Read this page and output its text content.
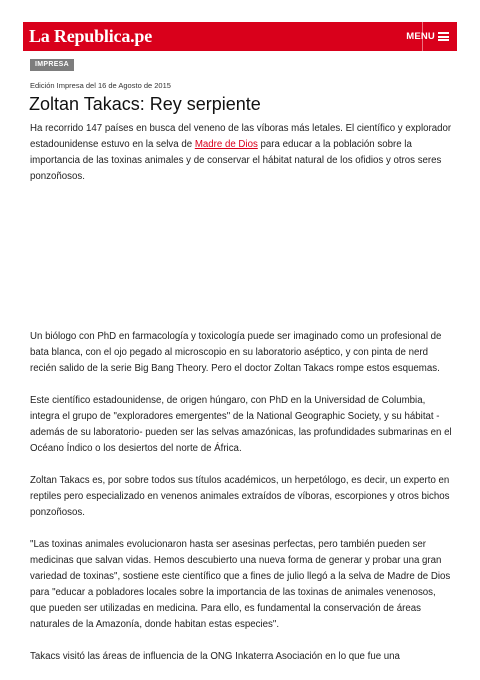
La Republica.pe	MENU
IMPRESA
Edición Impresa del 16 de Agosto de 2015
Zoltan Takacs: Rey serpiente
Ha recorrido 147 países en busca del veneno de las víboras más letales. El científico y explorador estadounidense estuvo en la selva de Madre de Dios para educar a la población sobre la importancia de las toxinas animales y de conservar el hábitat natural de los ofidios y otros seres ponzoñosos.

Un biólogo con PhD en farmacología y toxicología puede ser imaginado como un profesional de bata blanca, con el ojo pegado al microscopio en su laboratorio aséptico, y con pinta de nerd recién salido de la serie Big Bang Theory. Pero el doctor Zoltan Takacs rompe estos esquemas.

Este científico estadounidense, de origen húngaro, con PhD en la Universidad de Columbia, integra el grupo de "exploradores emergentes" de la National Geographic Society, y su hábitat -además de su laboratorio- pueden ser las selvas amazónicas, las profundidades submarinas en el Océano Índico o los desiertos del norte de África.

Zoltan Takacs es, por sobre todos sus títulos académicos, un herpetólogo, es decir, un experto en reptiles pero especializado en venenos animales extraídos de víboras, escorpiones y otros bichos ponzoñosos.

"Las toxinas animales evolucionaron hasta ser asesinas perfectas, pero también pueden ser medicinas que salvan vidas. Hemos descubierto una nueva forma de generar y probar una gran variedad de toxinas", sostiene este científico que a fines de julio llegó a la selva de Madre de Dios para "educar a pobladores locales sobre la importancia de las toxinas de animales venenosos, que pueden ser utilizadas en medicina. Para ello, es fundamental la conservación de áreas naturales de la Amazonía, donde habitan estas especies".

Takacs visitó las áreas de influencia de la ONG Inkaterra Asociación en lo que fue una
